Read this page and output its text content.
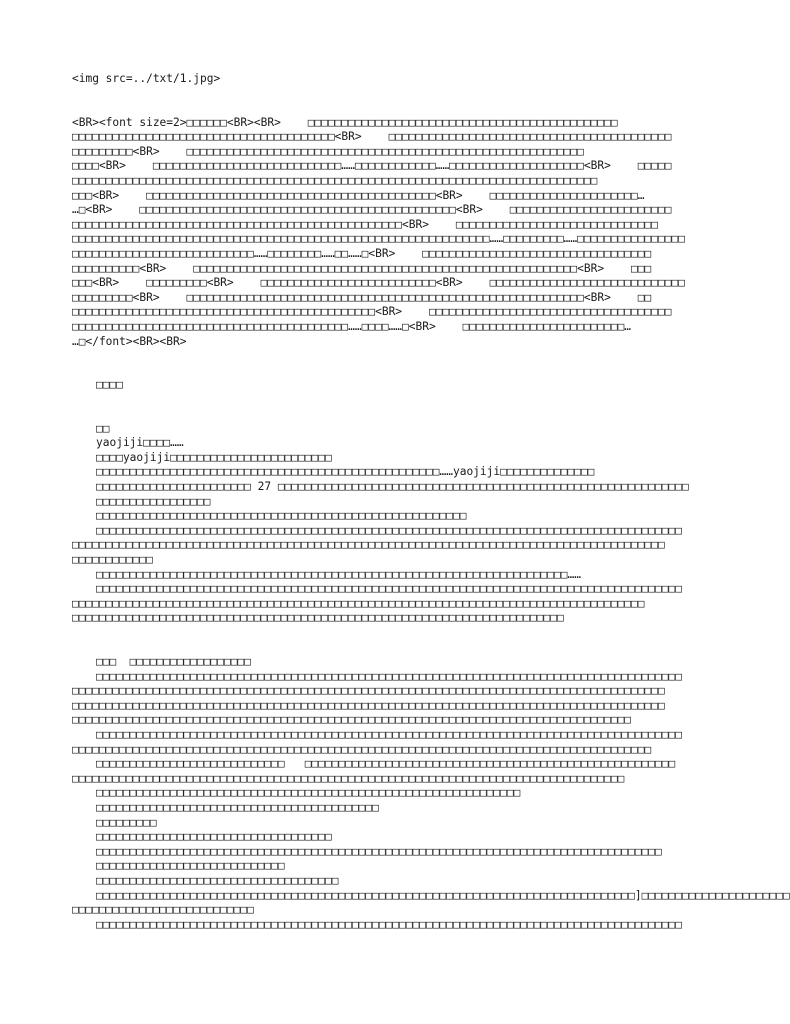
<img src=../txt/1.jpg>
<BR><font size=2>□□□□□□<BR><BR>    □□□□□□□□□□□□□□□□□□□□□□□□□□□□□□□□□□□□□□□□□□□□□□
□□□□□□□□□□□□□□□□□□□□□□□□□□□□□□□□□□□□□□□<BR>    □□□□□□□□□□□□□□□□□□□□□□□□□□□□□□□□□□□□□□□□□□
□□□□□□□□□<BR>    □□□□□□□□□□□□□□□□□□□□□□□□□□□□□□□□□□□□□□□□□□□□□□□□□□□□□□□□□□□
□□□□<BR>    □□□□□□□□□□□□□□□□□□□□□□□□□□□□……□□□□□□□□□□□□……□□□□□□□□□□□□□□□□□□□□<BR>    □□□□□
□□□□□□□□□□□□□□□□□□□□□□□□□□□□□□□□□□□□□□□□□□□□□□□□□□□□□□□□□□□□□□□□□□□□□□□□□□□□□□
□□□<BR>    □□□□□□□□□□□□□□□□□□□□□□□□□□□□□□□□□□□□□□□□□□□<BR>    □□□□□□□□□□□□□□□□□□□□□□…
…□<BR>    □□□□□□□□□□□□□□□□□□□□□□□□□□□□□□□□□□□□□□□□□□□□□□□<BR>    □□□□□□□□□□□□□□□□□□□□□□□□
□□□□□□□□□□□□□□□□□□□□□□□□□□□□□□□□□□□□□□□□□□□□□□□□□<BR>    □□□□□□□□□□□□□□□□□□□□□□□□□□□□□□
□□□□□□□□□□□□□□□□□□□□□□□□□□□□□□□□□□□□□□□□□□□□□□□□□□□□□□□□□□□□□□……□□□□□□□□□……□□□□□□□□□□□□□□□□
□□□□□□□□□□□□□□□□□□□□□□□□□□□……□□□□□□□□……□□……□<BR>    □□□□□□□□□□□□□□□□□□□□□□□□□□□□□□□□□□
□□□□□□□□□□<BR>    □□□□□□□□□□□□□□□□□□□□□□□□□□□□□□□□□□□□□□□□□□□□□□□□□□□□□□□□□<BR>    □□□
□□□<BR>    □□□□□□□□□<BR>    □□□□□□□□□□□□□□□□□□□□□□□□□□<BR>    □□□□□□□□□□□□□□□□□□□□□□□□□□□□□
□□□□□□□□□<BR>    □□□□□□□□□□□□□□□□□□□□□□□□□□□□□□□□□□□□□□□□□□□□□□□□□□□□□□□□□□□<BR>    □□
□□□□□□□□□□□□□□□□□□□□□□□□□□□□□□□□□□□□□□□□□□□□□<BR>    □□□□□□□□□□□□□□□□□□□□□□□□□□□□□□□□□□□□
□□□□□□□□□□□□□□□□□□□□□□□□□□□□□□□□□□□□□□□□□……□□□□……□<BR>    □□□□□□□□□□□□□□□□□□□□□□□□…
…□</font><BR><BR>
□□□□
□□
yaojiji□□□□……
□□□□yaojiji□□□□□□□□□□□□□□□□□□□□□□□□
□□□□□□□□□□□□□□□□□□□□□□□□□□□□□□□□□□□□□□□□□□□□□□□□□□□……yaojiji□□□□□□□□□□□□□□
□□□□□□□□□□□□□□□□□□□□□□□ 27 □□□□□□□□□□□□□□□□□□□□□□□□□□□□□□□□□□□□□□□□□□□□□□□□□□□□□□□□□□□□□
□□□□□□□□□□□□□□□□□
□□□□□□□□□□□□□□□□□□□□□□□□□□□□□□□□□□□□□□□□□□□□□□□□□□□□□□□
□□□□□□□□□□□□□□□□□□□□□□□□□□□□□□□□□□□□□□□□□□□□□□□□□□□□□□□□□□□□□□□□□□□□□□□□□□□□□□□□□□□□□□□
□□□□□□□□□□□□□□□□□□□□□□□□□□□□□□□□□□□□□□□□□□□□□□□□□□□□□□□□□□□□□□□□□□□□□□□□□□□□□□□□□□□□□□□□
□□□□□□□□□□□□
□□□□□□□□□□□□□□□□□□□□□□□□□□□□□□□□□□□□□□□□□□□□□□□□□□□□□□□□□□□□□□□□□□□□□□……
□□□□□□□□□□□□□□□□□□□□□□□□□□□□□□□□□□□□□□□□□□□□□□□□□□□□□□□□□□□□□□□□□□□□□□□□□□□□□□□□□□□□□□□
□□□□□□□□□□□□□□□□□□□□□□□□□□□□□□□□□□□□□□□□□□□□□□□□□□□□□□□□□□□□□□□□□□□□□□□□□□□□□□□□□□□□□
□□□□□□□□□□□□□□□□□□□□□□□□□□□□□□□□□□□□□□□□□□□□□□□□□□□□□□□□□□□□□□□□□□□□□□□□□
□□□  □□□□□□□□□□□□□□□□□□
□□□□□□□□□□□□□□□□□□□□□□□□□□□□□□□□□□□□□□□□□□□□□□□□□□□□□□□□□□□□□□□□□□□□□□□□□□□□□□□□□□□□□□□
□□□□□□□□□□□□□□□□□□□□□□□□□□□□□□□□□□□□□□□□□□□□□□□□□□□□□□□□□□□□□□□□□□□□□□□□□□□□□□□□□□□□□□□□
□□□□□□□□□□□□□□□□□□□□□□□□□□□□□□□□□□□□□□□□□□□□□□□□□□□□□□□□□□□□□□□□□□□□□□□□□□□□□□□□□□□□□□□□
□□□□□□□□□□□□□□□□□□□□□□□□□□□□□□□□□□□□□□□□□□□□□□□□□□□□□□□□□□□□□□□□□□□□□□□□□□□□□□□□□□□
□□□□□□□□□□□□□□□□□□□□□□□□□□□□□□□□□□□□□□□□□□□□□□□□□□□□□□□□□□□□□□□□□□□□□□□□□□□□□□□□□□□□□□□
□□□□□□□□□□□□□□□□□□□□□□□□□□□□□□□□□□□□□□□□□□□□□□□□□□□□□□□□□□□□□□□□□□□□□□□□□□□□□□□□□□□□□□
□□□□□□□□□□□□□□□□□□□□□□□□□□□□   □□□□□□□□□□□□□□□□□□□□□□□□□□□□□□□□□□□□□□□□□□□□□□□□□□□□□□□
□□□□□□□□□□□□□□□□□□□□□□□□□□□□□□□□□□□□□□□□□□□□□□□□□□□□□□□□□□□□□□□□□□□□□□□□□□□□□□□□□□
□□□□□□□□□□□□□□□□□□□□□□□□□□□□□□□□□□□□□□□□□□□□□□□□□□□□□□□□□□□□□□□
□□□□□□□□□□□□□□□□□□□□□□□□□□□□□□□□□□□□□□□□□□
□□□□□□□□□
□□□□□□□□□□□□□□□□□□□□□□□□□□□□□□□□□□□
□□□□□□□□□□□□□□□□□□□□□□□□□□□□□□□□□□□□□□□□□□□□□□□□□□□□□□□□□□□□□□□□□□□□□□□□□□□□□□□□□□□□
□□□□□□□□□□□□□□□□□□□□□□□□□□□□
□□□□□□□□□□□□□□□□□□□□□□□□□□□□□□□□□□□□
□□□□□□□□□□□□□□□□□□□□□□□□□□□□□□□□□□□□□□□□□□□□□□□□□□□□□□□□□□□□□□□□□□□□□□□□□□□□□□□□]□□□□□□□□□□□□□□□□□□□□□□
□□□□□□□□□□□□□□□□□□□□□□□□□□□
□□□□□□□□□□□□□□□□□□□□□□□□□□□□□□□□□□□□□□□□□□□□□□□□□□□□□□□□□□□□□□□□□□□□□□□□□□□□□□□□□□□□□□□
